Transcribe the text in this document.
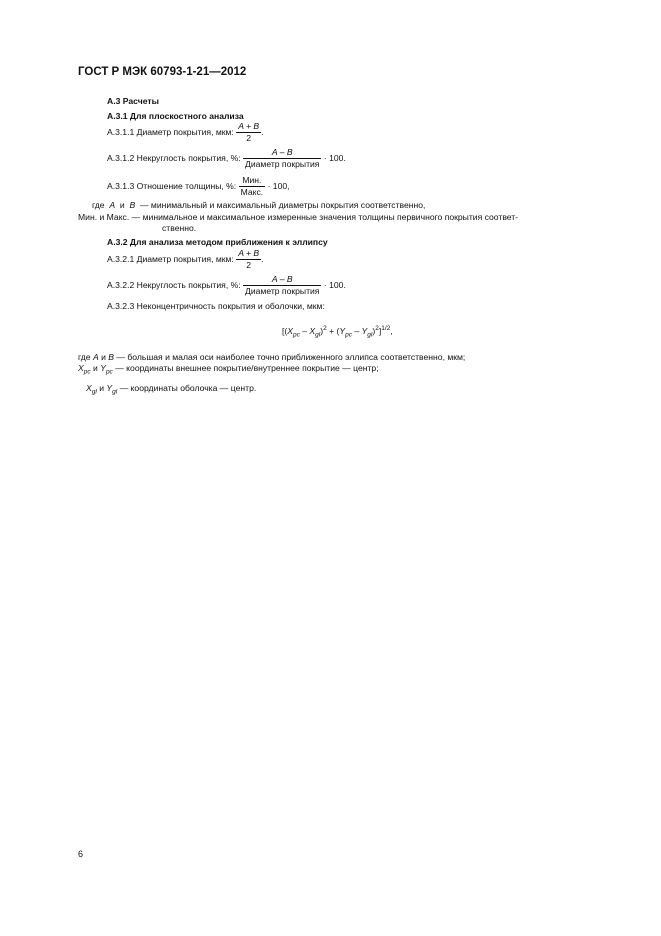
ГОСТ Р МЭК 60793-1-21—2012
А.3 Расчеты
А.3.1 Для плоскостного анализа
А.3.1.1 Диаметр покрытия, мкм: $\frac{A + B}{2}$ .
А.3.1.2 Некруглость покрытия, %: $\frac{A - B}{\text{Диаметр покрытия}} \cdot 100$.
А.3.1.3 Отношение толщины, %: $\frac{\text{Мин.}}{\text{Макс.}} \cdot 100$,
где A и B — минимальный и максимальный диаметры покрытия соответственно,
Мин. и Макс. — минимальное и максимальное измеренные значения толщины первичного покрытия соответ-
ственно.
А.3.2 Для анализа методом приближения к эллипсу
А.3.2.1 Диаметр покрытия, мкм: $\frac{A + B}{2}$ .
А.3.2.2 Некруглость покрытия, %: $\frac{A - B}{\text{Диаметр покрытия}} \cdot 100$.
А.3.2.3 Неконцентричность покрытия и оболочки, мкм:
$[(X_{pc} - X_{gl})^2 + (Y_{pc} - Y_{gl})^2]^{1/2}$,
где A и B — большая и малая оси наиболее точно приближенного эллипса соответственно, мкм;
$X_{pc}$ и $Y_{pc}$ — координаты внешнее покрытие/внутреннее покрытие — центр;
$X_{gl}$ и $Y_{gl}$ — координаты оболочка — центр.
6
